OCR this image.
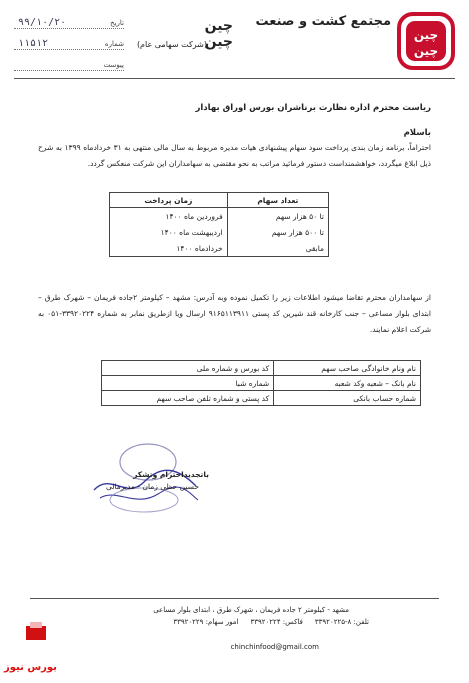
چین
چین
مجتمع کشت و صنعت
چین
چین
(شرکت سهامی عام)
تاریخ
۹۹/۱۰/۲۰
شماره
۱۱۵۱۲
پیوست
ریاست محترم اداره نظارت برناشران بورس اوراق بهادار
باسلام
احتراماً، برنامه زمان بندی پرداخت سود سهام پیشنهادی هیات مدیره مربوط به سال مالی منتهی به ۳۱ خردادماه ۱۳۹۹ به شرح ذیل ابلاغ میگردد، خواهشمنداست دستور فرمائید مراتب به نحو مقتضی به سهامداران این شرکت منعکس گردد.
تعداد سهام	زمان پرداخت
تا ۵۰ هزار سهم	فروردین ماه ۱۴۰۰
تا ۵۰۰ هزار سهم	اردیبهشت ماه ۱۴۰۰
مابقی	خردادماه ۱۴۰۰
از سهامداران محترم تقاضا میشود اطلاعات زیر را تکمیل نموده وبه آدرس: مشهد – کیلومتر ۲جاده فریمان – شهرک طرق – ابتدای بلوار مساعی – جنب کارخانه قند شیرین کد پستی ۹۱۶۵۱۱۳۹۱۱ ارسال ویا ازطریق نمابر به شماره ۳۳۹۲۰۲۲۴-۰۵۱ به شرکت اعلام نمایند.
نام ونام خانوادگی صاحب سهم	کد بورس و شماره ملی
نام بانک – شعبه وکد شعبه	شماره شبا
شماره حساب بانکی	کد پستی و شماره تلفن صاحب سهم
باتجدیداحترام وتشکر
حسین حظی زمان - مدیرمالی
مشهد - کیلومتر ۲ جاده فریمان ، شهرک طرق ، ابتدای بلوار مساعی
تلفن: ۸-۳۳۹۲۰۲۲۵
فاکس: ۳۳۹۲۰۲۲۴
امور سهام: ۳۳۹۲۰۲۲۹
chinchinfood@gmail.com
بورس نیوز
